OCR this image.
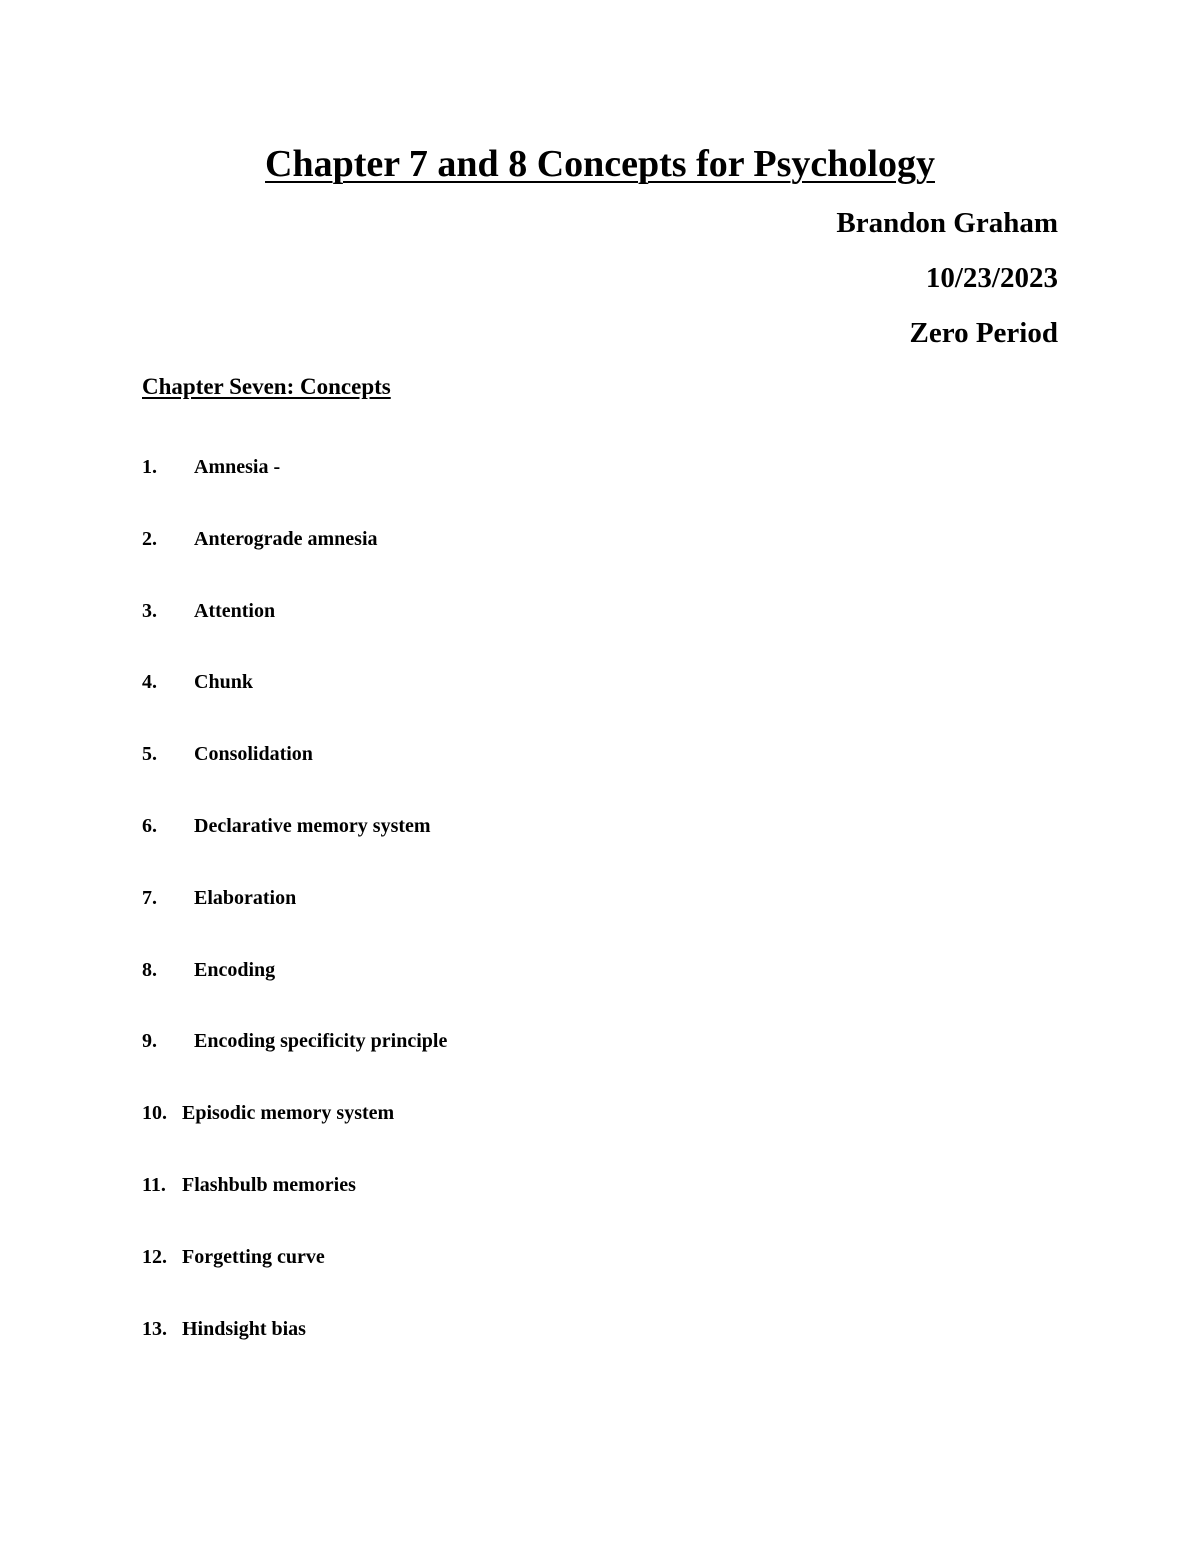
Chapter 7 and 8 Concepts for Psychology

Brandon Graham

10/23/2023

Zero Period

Chapter Seven: Concepts
1. Amnesia -
2. Anterograde amnesia
3. Attention
4. Chunk
5. Consolidation
6. Declarative memory system
7. Elaboration
8. Encoding
9. Encoding specificity principle
10. Episodic memory system
11. Flashbulb memories
12. Forgetting curve
13. Hindsight bias
